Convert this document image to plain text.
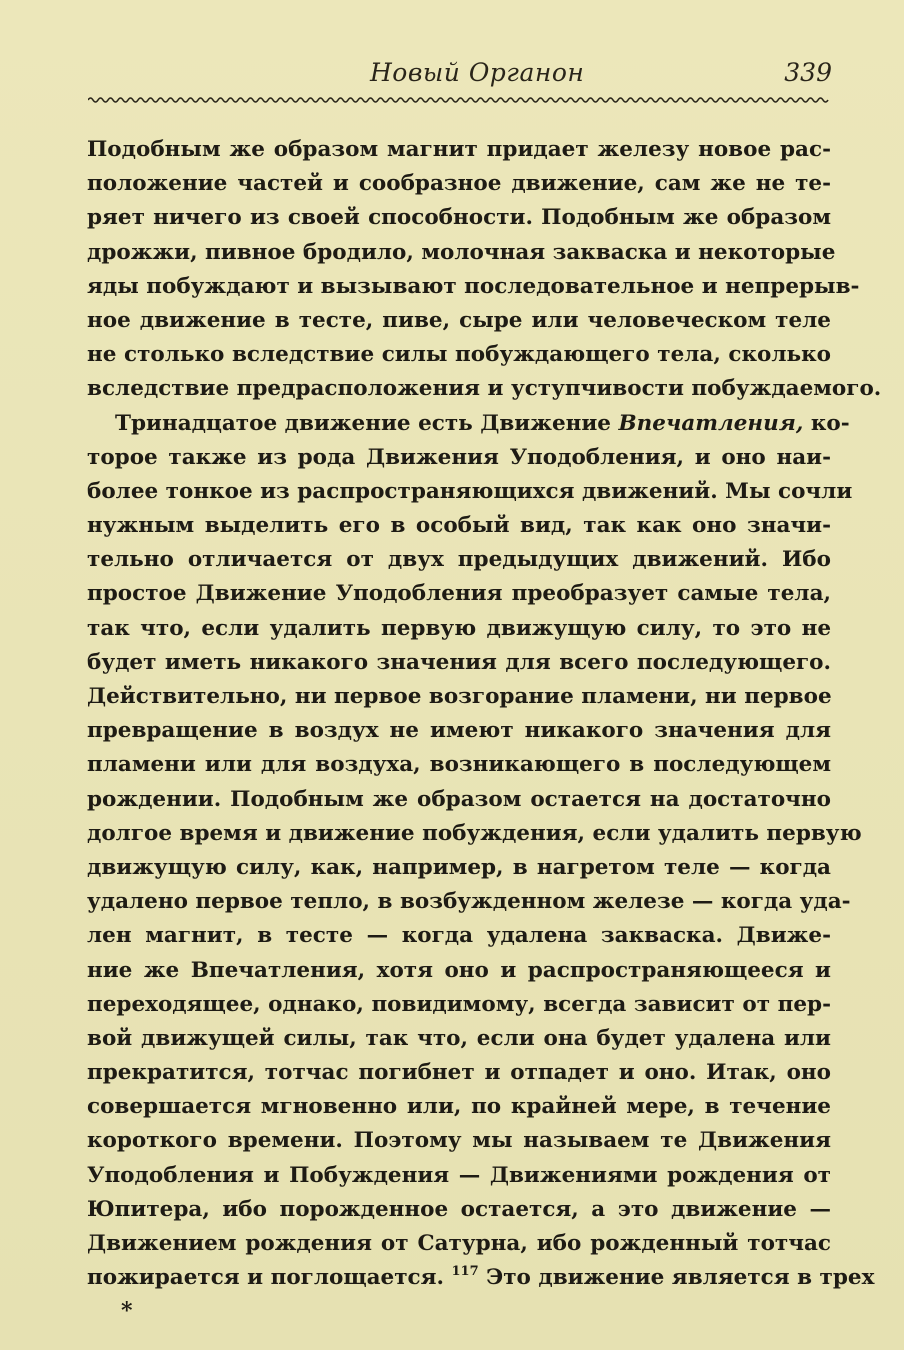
Новый Органон	339
Подобным же образом магнит придает железу новое рас-
положение частей и сообразное движение, сам же не те-
ряет ничего из своей способности. Подобным же образом
дрожжи, пивное бродило, молочная закваска и некоторые
яды побуждают и вызывают последовательное и непрерыв-
ное движение в тесте, пиве, сыре или человеческом теле
не столько вследствие силы побуждающего тела, сколько
вследствие предрасположения и уступчивости побуждаемого.
Тринадцатое движение есть Движение Впечатления, ко-
торое также из рода Движения Уподобления, и оно наи-
более тонкое из распространяющихся движений. Мы сочли
нужным выделить его в особый вид, так как оно значи-
тельно отличается от двух предыдущих движений. Ибо
простое Движение Уподобления преобразует самые тела,
так что, если удалить первую движущую силу, то это не
будет иметь никакого значения для всего последующего.
Действительно, ни первое возгорание пламени, ни первое
превращение в воздух не имеют никакого значения для
пламени или для воздуха, возникающего в последующем
рождении. Подобным же образом остается на достаточно
долгое время и движение побуждения, если удалить первую
движущую силу, как, например, в нагретом теле — когда
удалено первое тепло, в возбужденном железе — когда уда-
лен магнит, в тесте — когда удалена закваска. Движе-
ние же Впечатления, хотя оно и распространяющееся и
переходящее, однако, повидимому, всегда зависит от пер-
вой движущей силы, так что, если она будет удалена или
прекратится, тотчас погибнет и отпадет и оно. Итак, оно
совершается мгновенно или, по крайней мере, в течение
короткого времени. Поэтому мы называем те Движения
Уподобления и Побуждения — Движениями рождения от
Юпитера, ибо порожденное остается, а это движение —
Движением рождения от Сатурна, ибо рожденный тотчас
пожирается и поглощается. $^{117}$ Это движение является в трех
*
